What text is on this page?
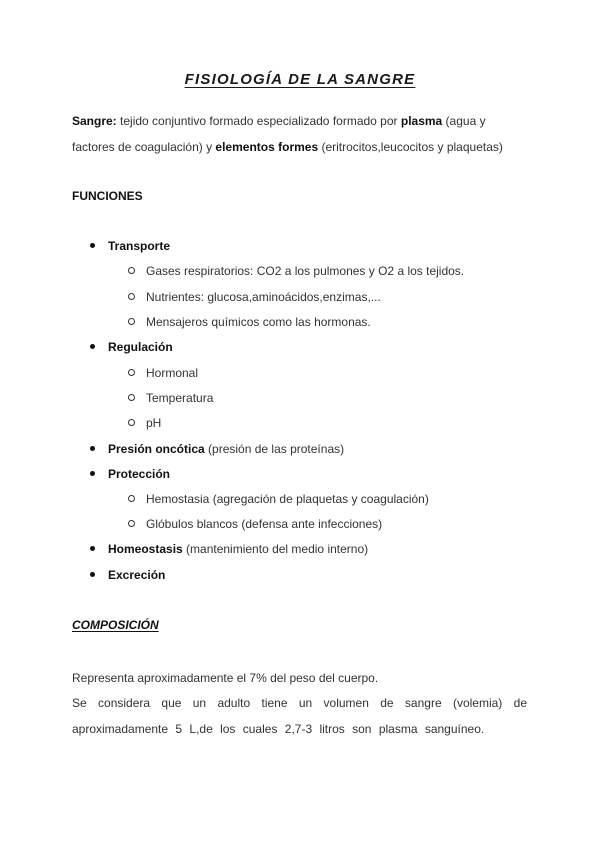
FISIOLOGÍA DE LA SANGRE
Sangre: tejido conjuntivo formado especializado formado por plasma (agua y factores de coagulación) y elementos formes (eritrocitos,leucocitos y plaquetas)
FUNCIONES
Transporte
Gases respiratorios: CO2 a los pulmones y O2 a los tejidos.
Nutrientes: glucosa,aminoácidos,enzimas,...
Mensajeros químicos como las hormonas.
Regulación
Hormonal
Temperatura
pH
Presión oncótica (presión de las proteínas)
Protección
Hemostasia (agregación de plaquetas y coagulación)
Glóbulos blancos (defensa ante infecciones)
Homeostasis (mantenimiento del medio interno)
Excreción
COMPOSICIÓN
Representa aproximadamente el 7% del peso del cuerpo.
Se considera que un adulto tiene un volumen de sangre (volemia) de aproximadamente 5 L,de los cuales 2,7-3 litros son plasma sanguíneo.
